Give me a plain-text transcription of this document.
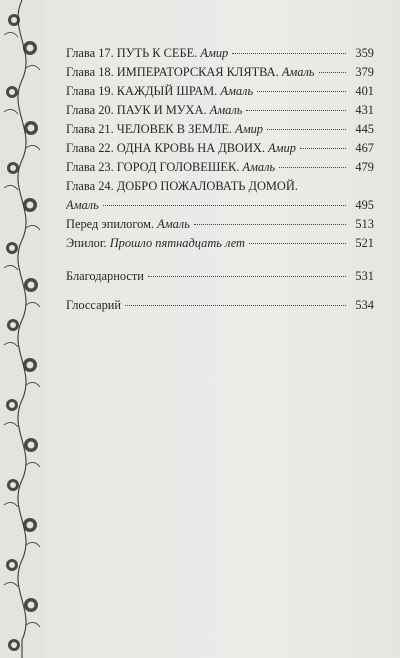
Глава 17. ПУТЬ К СЕБЕ. Амир	359
Глава 18. ИМПЕРАТОРСКАЯ КЛЯТВА. Амаль	379
Глава 19. КАЖДЫЙ ШРАМ. Амаль	401
Глава 20. ПАУК И МУХА. Амаль	431
Глава 21. ЧЕЛОВЕК В ЗЕМЛЕ. Амир	445
Глава 22. ОДНА КРОВЬ НА ДВОИХ. Амир	467
Глава 23. ГОРОД ГОЛОВЕШЕК. Амаль	479
Глава 24. ДОБРО ПОЖАЛОВАТЬ ДОМОЙ.
Амаль	495
Перед эпилогом. Амаль	513
Эпилог. Прошло пятнадцать лет	521
Благодарности	531
Глоссарий	534
